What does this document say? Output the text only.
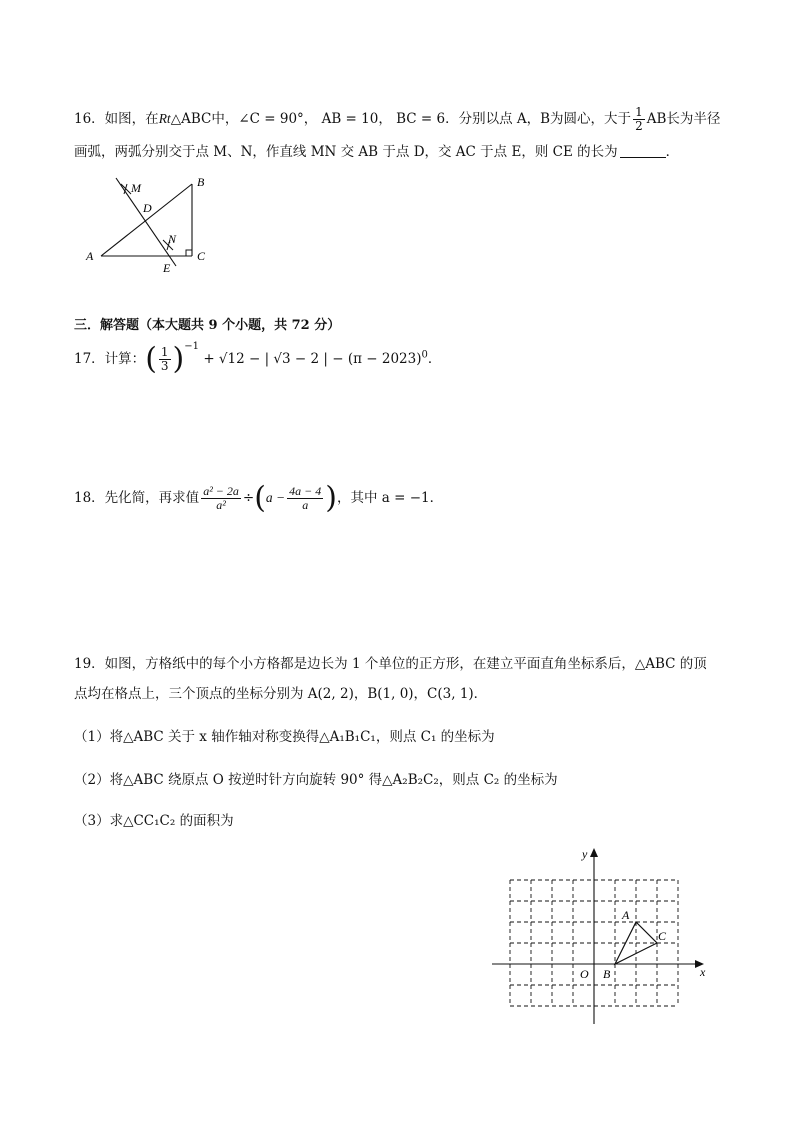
16．如图，在Rt△ABC中，∠C = 90°， AB = 10， BC = 6．分别以点 A，B为圆心，大于 $\frac{1}{2}$ AB长为半径
画弧，两弧分别交于点 M、N，作直线 MN 交 AB 于点 D，交 AC 于点 E，则 CE 的长为	．
M	B
D
N
A	C
E
三．解答题（本大题共 9 个小题，共 72 分）
17．计算：( $\frac{1}{3} )^{-1} + √12$ − | √3 − 2 | − $(\pi - 2023)^0$．
18．先化简，再求值 $\frac{\text{a² − 2a}}{\text{a²}} \div(a - \frac{4a - 4}{a}$ )，其中 a = −1．
19．如图，方格纸中的每个小方格都是边长为 1 个单位的正方形，在建立平面直角坐标系后，△ABC 的顶
点均在格点上，三个顶点的坐标分别为 A(2, 2)，B(1, 0)，C(3, 1)．
（1）将△ABC 关于 x 轴作轴对称变换得△A₁B₁C₁，则点 C₁ 的坐标为
（2）将△ABC 绕原点 O 按逆时针方向旋转 90° 得△A₂B₂C₂，则点 C₂ 的坐标为
（3）求△CC₁C₂ 的面积为
y
x
O
A
B
C
